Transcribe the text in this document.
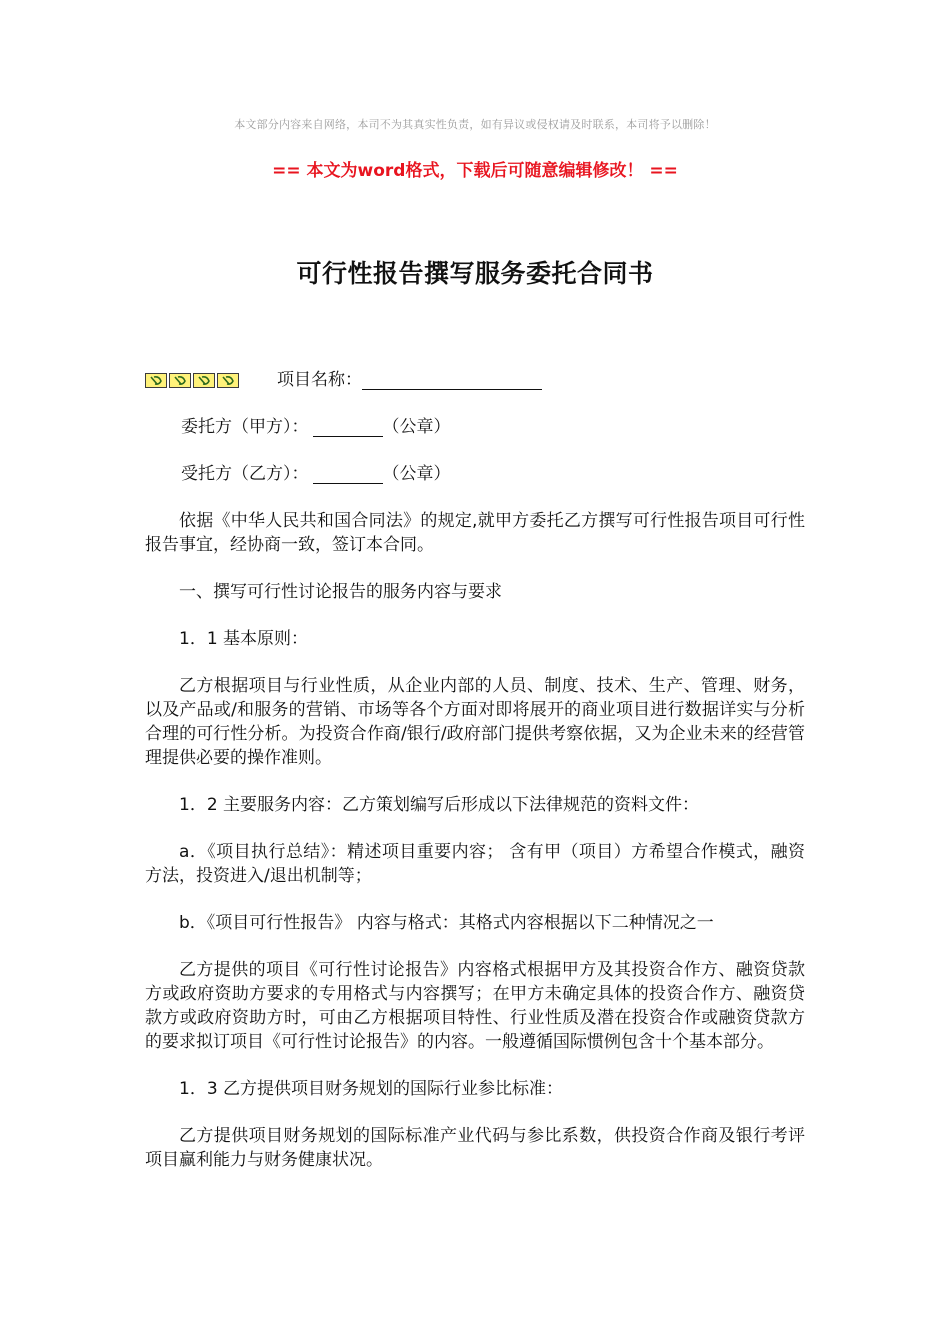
本文部分内容来自网络，本司不为其真实性负责，如有异议或侵权请及时联系，本司将予以删除！
== 本文为word格式，下载后可随意编辑修改！ ==
可行性报告撰写服务委托合同书
项目名称：
委托方（甲方）：	（公章）
受托方（乙方）：	（公章）

依据《中华人民共和国合同法》的规定,就甲方委托乙方撰写可行性报告项目可行性报告事宜，经协商一致，签订本合同。

一、撰写可行性讨论报告的服务内容与要求

1．1 基本原则：

乙方根据项目与行业性质，从企业内部的人员、制度、技术、生产、管理、财务，以及产品或/和服务的营销、市场等各个方面对即将展开的商业项目进行数据详实与分析合理的可行性分析。为投资合作商/银行/政府部门提供考察依据，又为企业未来的经营管理提供必要的操作准则。

1．2 主要服务内容：乙方策划编写后形成以下法律规范的资料文件：

a．《项目执行总结》：精述项目重要内容； 含有甲（项目）方希望合作模式，融资方法，投资进入/退出机制等；

b．《项目可行性报告》 内容与格式：其格式内容根据以下二种情况之一

乙方提供的项目《可行性讨论报告》内容格式根据甲方及其投资合作方、融资贷款方或政府资助方要求的专用格式与内容撰写；在甲方未确定具体的投资合作方、融资贷款方或政府资助方时，可由乙方根据项目特性、行业性质及潜在投资合作或融资贷款方的要求拟订项目《可行性讨论报告》的内容。一般遵循国际惯例包含十个基本部分。

1．3 乙方提供项目财务规划的国际行业参比标准：

乙方提供项目财务规划的国际标准产业代码与参比系数，供投资合作商及银行考评项目赢利能力与财务健康状况。
